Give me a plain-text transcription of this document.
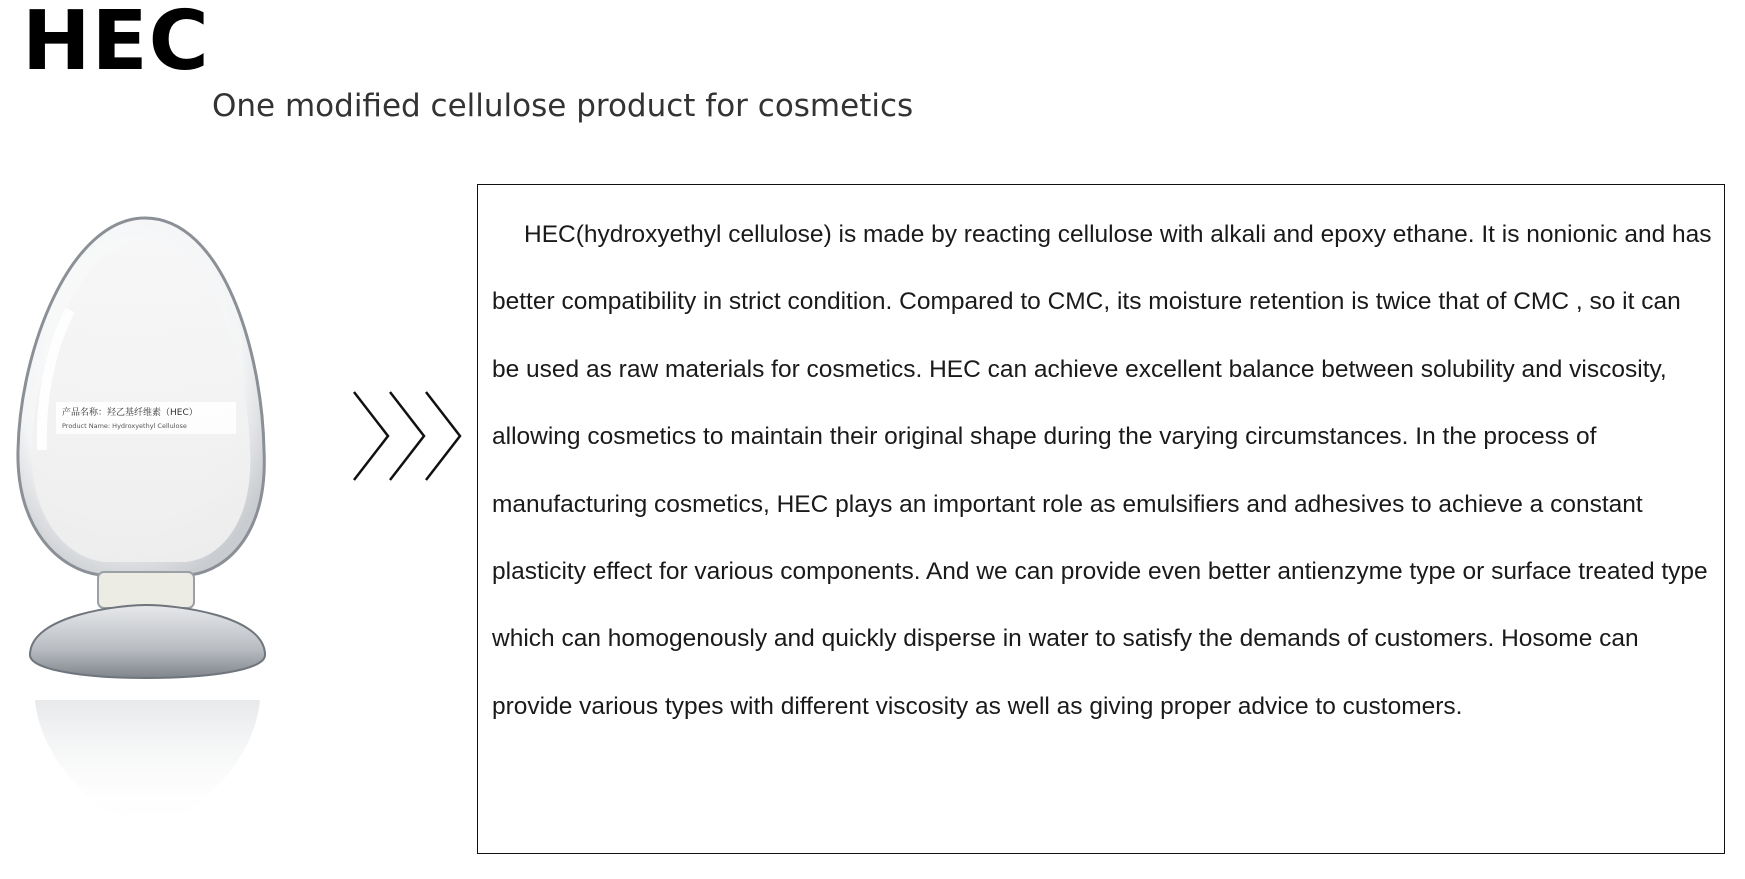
HEC
One modified cellulose product for cosmetics
产品名称：羟乙基纤维素（HEC）
Product Name: Hydroxyethyl Cellulose

HEC(hydroxyethyl cellulose) is made by reacting cellulose with alkali and epoxy ethane. It is nonionic and has better compatibility in strict condition. Compared to CMC, its moisture retention is twice that of CMC , so it can be used as raw materials for cosmetics. HEC can achieve excellent balance between solubility and viscosity, allowing cosmetics to maintain their original shape during the varying circumstances. In the process of manufacturing cosmetics, HEC plays an important role as emulsifiers and adhesives to achieve a constant plasticity effect for various components. And we can provide even better antienzyme type or surface treated type which can homogenously and quickly disperse in water to satisfy the demands of customers. Hosome can provide various types with different viscosity as well as giving proper advice to customers.
